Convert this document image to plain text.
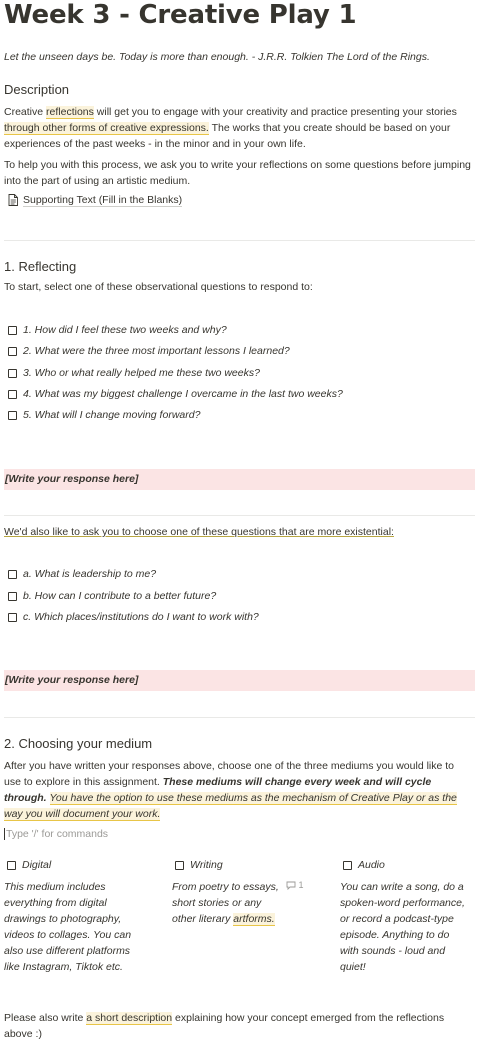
Week 3 - Creative Play 1
Let the unseen days be. Today is more than enough. - J.R.R. Tolkien The Lord of the Rings.
Description
Creative reflections will get you to engage with your creativity and practice presenting your stories through other forms of creative expressions. The works that you create should be based on your experiences of the past weeks - in the minor and in your own life.
To help you with this process, we ask you to write your reflections on some questions before jumping into the part of using an artistic medium.
Supporting Text (Fill in the Blanks)
1. Reflecting
To start, select one of these observational questions to respond to:
1. How did I feel these two weeks and why?
2. What were the three most important lessons I learned?
3. Who or what really helped me these two weeks?
4. What was my biggest challenge I overcame in the last two weeks?
5. What will I change moving forward?
[Write your response here]
We'd also like to ask you to choose one of these questions that are more existential:
a. What is leadership to me?
b. How can I contribute to a better future?
c. Which places/institutions do I want to work with?
[Write your response here]
2. Choosing your medium
After you have written your responses above, choose one of the three mediums you would like to use to explore in this assignment. These mediums will change every week and will cycle through. You have the option to use these mediums as the mechanism of Creative Play or as the way you will document your work.
Type '/' for commands
Digital
This medium includes everything from digital drawings to photography, videos to collages. You can also use different platforms like Instagram, Tiktok etc.
Writing
From poetry to essays, short stories or any other literary artforms.
1
Audio
You can write a song, do a spoken-word performance, or record a podcast-type episode. Anything to do with sounds - loud and quiet!
Please also write a short description explaining how your concept emerged from the reflections above :)
